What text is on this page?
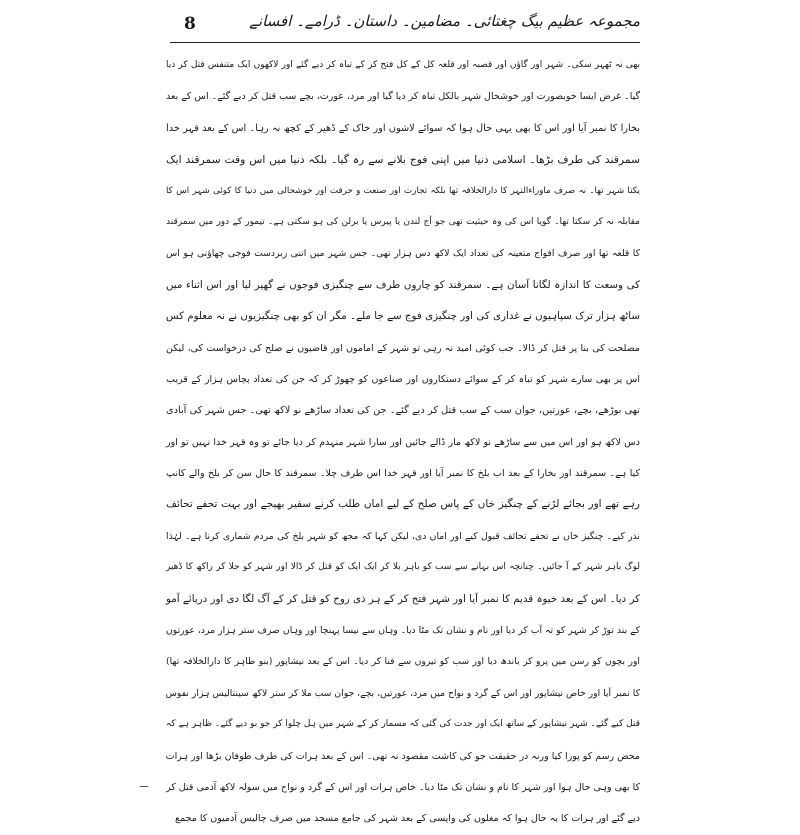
مجموعہ عظیم بیگ چغتائی۔ مضامین۔ داستان۔ ڈرامے۔ افسانے
8
بھی نہ ٹھہر سکی۔ شہر اور گاؤں اور قصبہ اور قلعہ کل کے کل فتح کر کے تباہ کر دیے گئے اور لاکھوں ایک متنفس قتل کر دیا
گیا۔ غرض ایسا خوبصورت اور خوشحال شہر بالکل تباہ کر دیا گیا اور مرد، عورت، بچے سب قتل کر دیے گئے۔ اس کے بعد
بخارا کا نمبر آیا اور اس کا بھی یہی حال ہوا کہ سوائے لاشوں اور خاک کے ڈھیر کے کچھ نہ رہا۔ اس کے بعد قہر خدا
سمرقند کی طرف بڑھا۔ اسلامی دنیا میں اپنی فوج بلانے سے رہ گیا۔ بلکہ دنیا میں اس وقت سمرقند ایک
یکتا شہر تھا۔ نہ صرف ماوراءالنہر کا دارالخلافہ تھا بلکہ تجارت اور صنعت و حرفت اور خوشحالی میں دنیا کا کوئی شہر اس کا
مقابلہ نہ کر سکتا تھا۔ گویا اس کی وہ حیثیت تھی جو آج لندن یا پیرس یا برلن کی ہو سکتی ہے۔ تیمور کے دور میں سمرقند
کا قلعہ تھا اور صرف افواج متعینہ کی تعداد ایک لاکھ دس ہزار تھی۔ جس شہر میں اتنی زبردست فوجی چھاؤنی ہو اس
کی وسعت کا اندازہ لگانا آسان ہے۔ سمرقند کو چاروں طرف سے چنگیزی فوجوں نے گھیر لیا اور اس اثناء میں
ساٹھ ہزار ترک سپاہیوں نے غداری کی اور چنگیزی فوج سے جا ملے۔ مگر ان کو بھی چنگیزیوں نے نہ معلوم کس
مصلحت کی بنا پر قتل کر ڈالا۔ جب کوئی امید نہ رہی تو شہر کے اماموں اور قاضیوں نے صلح کی درخواست کی، لیکن
اس پر بھی سارے شہر کو تباہ کر کے سوائے دستکاروں اور صناعوں کو چھوڑ کر کہ جن کی تعداد پچاس ہزار کے قریب
تھی بوڑھے، بچے، عورتیں، جوان سب کے سب قتل کر دیے گئے۔ جن کی تعداد ساڑھے نو لاکھ تھی۔ جس شہر کی آبادی
دس لاکھ ہو اور اس میں سے ساڑھے نو لاکھ مار ڈالے جائیں اور سارا شہر منہدم کر دیا جائے تو وہ قہر خدا نہیں تو اور
کیا ہے۔ سمرقند اور بخارا کے بعد اب بلخ کا نمبر آیا اور قہر خدا اس طرف چلا۔ سمرقند کا حال سن کر بلخ والے کانپ
رہے تھے اور بجائے لڑنے کے چنگیز خاں کے پاس صلح کے لیے اماں طلب کرنے سفیر بھیجے اور بہت تحفے تحائف
نذر کیے۔ چنگیز خاں نے تحفے تحائف قبول کیے اور اماں دی، لیکن کہا کہ مجھ کو شہر بلخ کی مردم شماری کرنا ہے۔ لہٰذا
لوگ باہر شہر کے آ جائیں۔ چنانچہ اس بہانے سے سب کو باہر بلا کر ایک ایک کو قتل کر ڈالا اور شہر کو جلا کر راکھ کا ڈھیر
کر دیا۔ اس کے بعد خیوہ قدیم کا نمبر آیا اور شہر فتح کر کے ہر ذی روح کو قتل کر کے آگ لگا دی اور دریائے آمو
کے بند توڑ کر شہر کو تہ آب کر دیا اور نام و نشان تک مٹا دیا۔ وہاں سے نیسا پہنچا اور وہاں صرف ستر ہزار مرد، عورتوں
اور بچوں کو رسن میں پرو کر باندھ دیا اور سب کو تیروں سے فنا کر دیا۔ اس کے بعد نیشاپور (بنو طاہر کا دارالخلافہ تھا)
کا نمبر آیا اور خاص نیشاپور اور اس کے گرد و نواح میں مرد، عورتیں، بچے، جوان سب ملا کر ستر لاکھ سینتالیس ہزار نفوس
قتل کیے گئے۔ شہر نیشاپور کے ساتھ ایک اور جدت کی گئی کہ مسمار کر کے شہر میں ہل چلوا کر جو بو دیے گئے۔ ظاہر ہے کہ
محض رسم کو پورا کیا ورنہ در حقیقت جو کی کاشت مقصود نہ تھی۔ اس کے بعد ہرات کی طرف طوفان بڑھا اور ہرات
کا بھی وہی حال ہوا اور شہر کا نام و نشان تک مٹا دیا۔ خاص ہرات اور اس کے گرد و نواح میں سولہ لاکھ آدمی قتل کر
دیے گئے اور ہرات کا یہ حال ہوا کہ مغلوں کی واپسی کے بعد شہر کی جامع مسجد میں صرف چالیس آدمیوں کا مجمع
